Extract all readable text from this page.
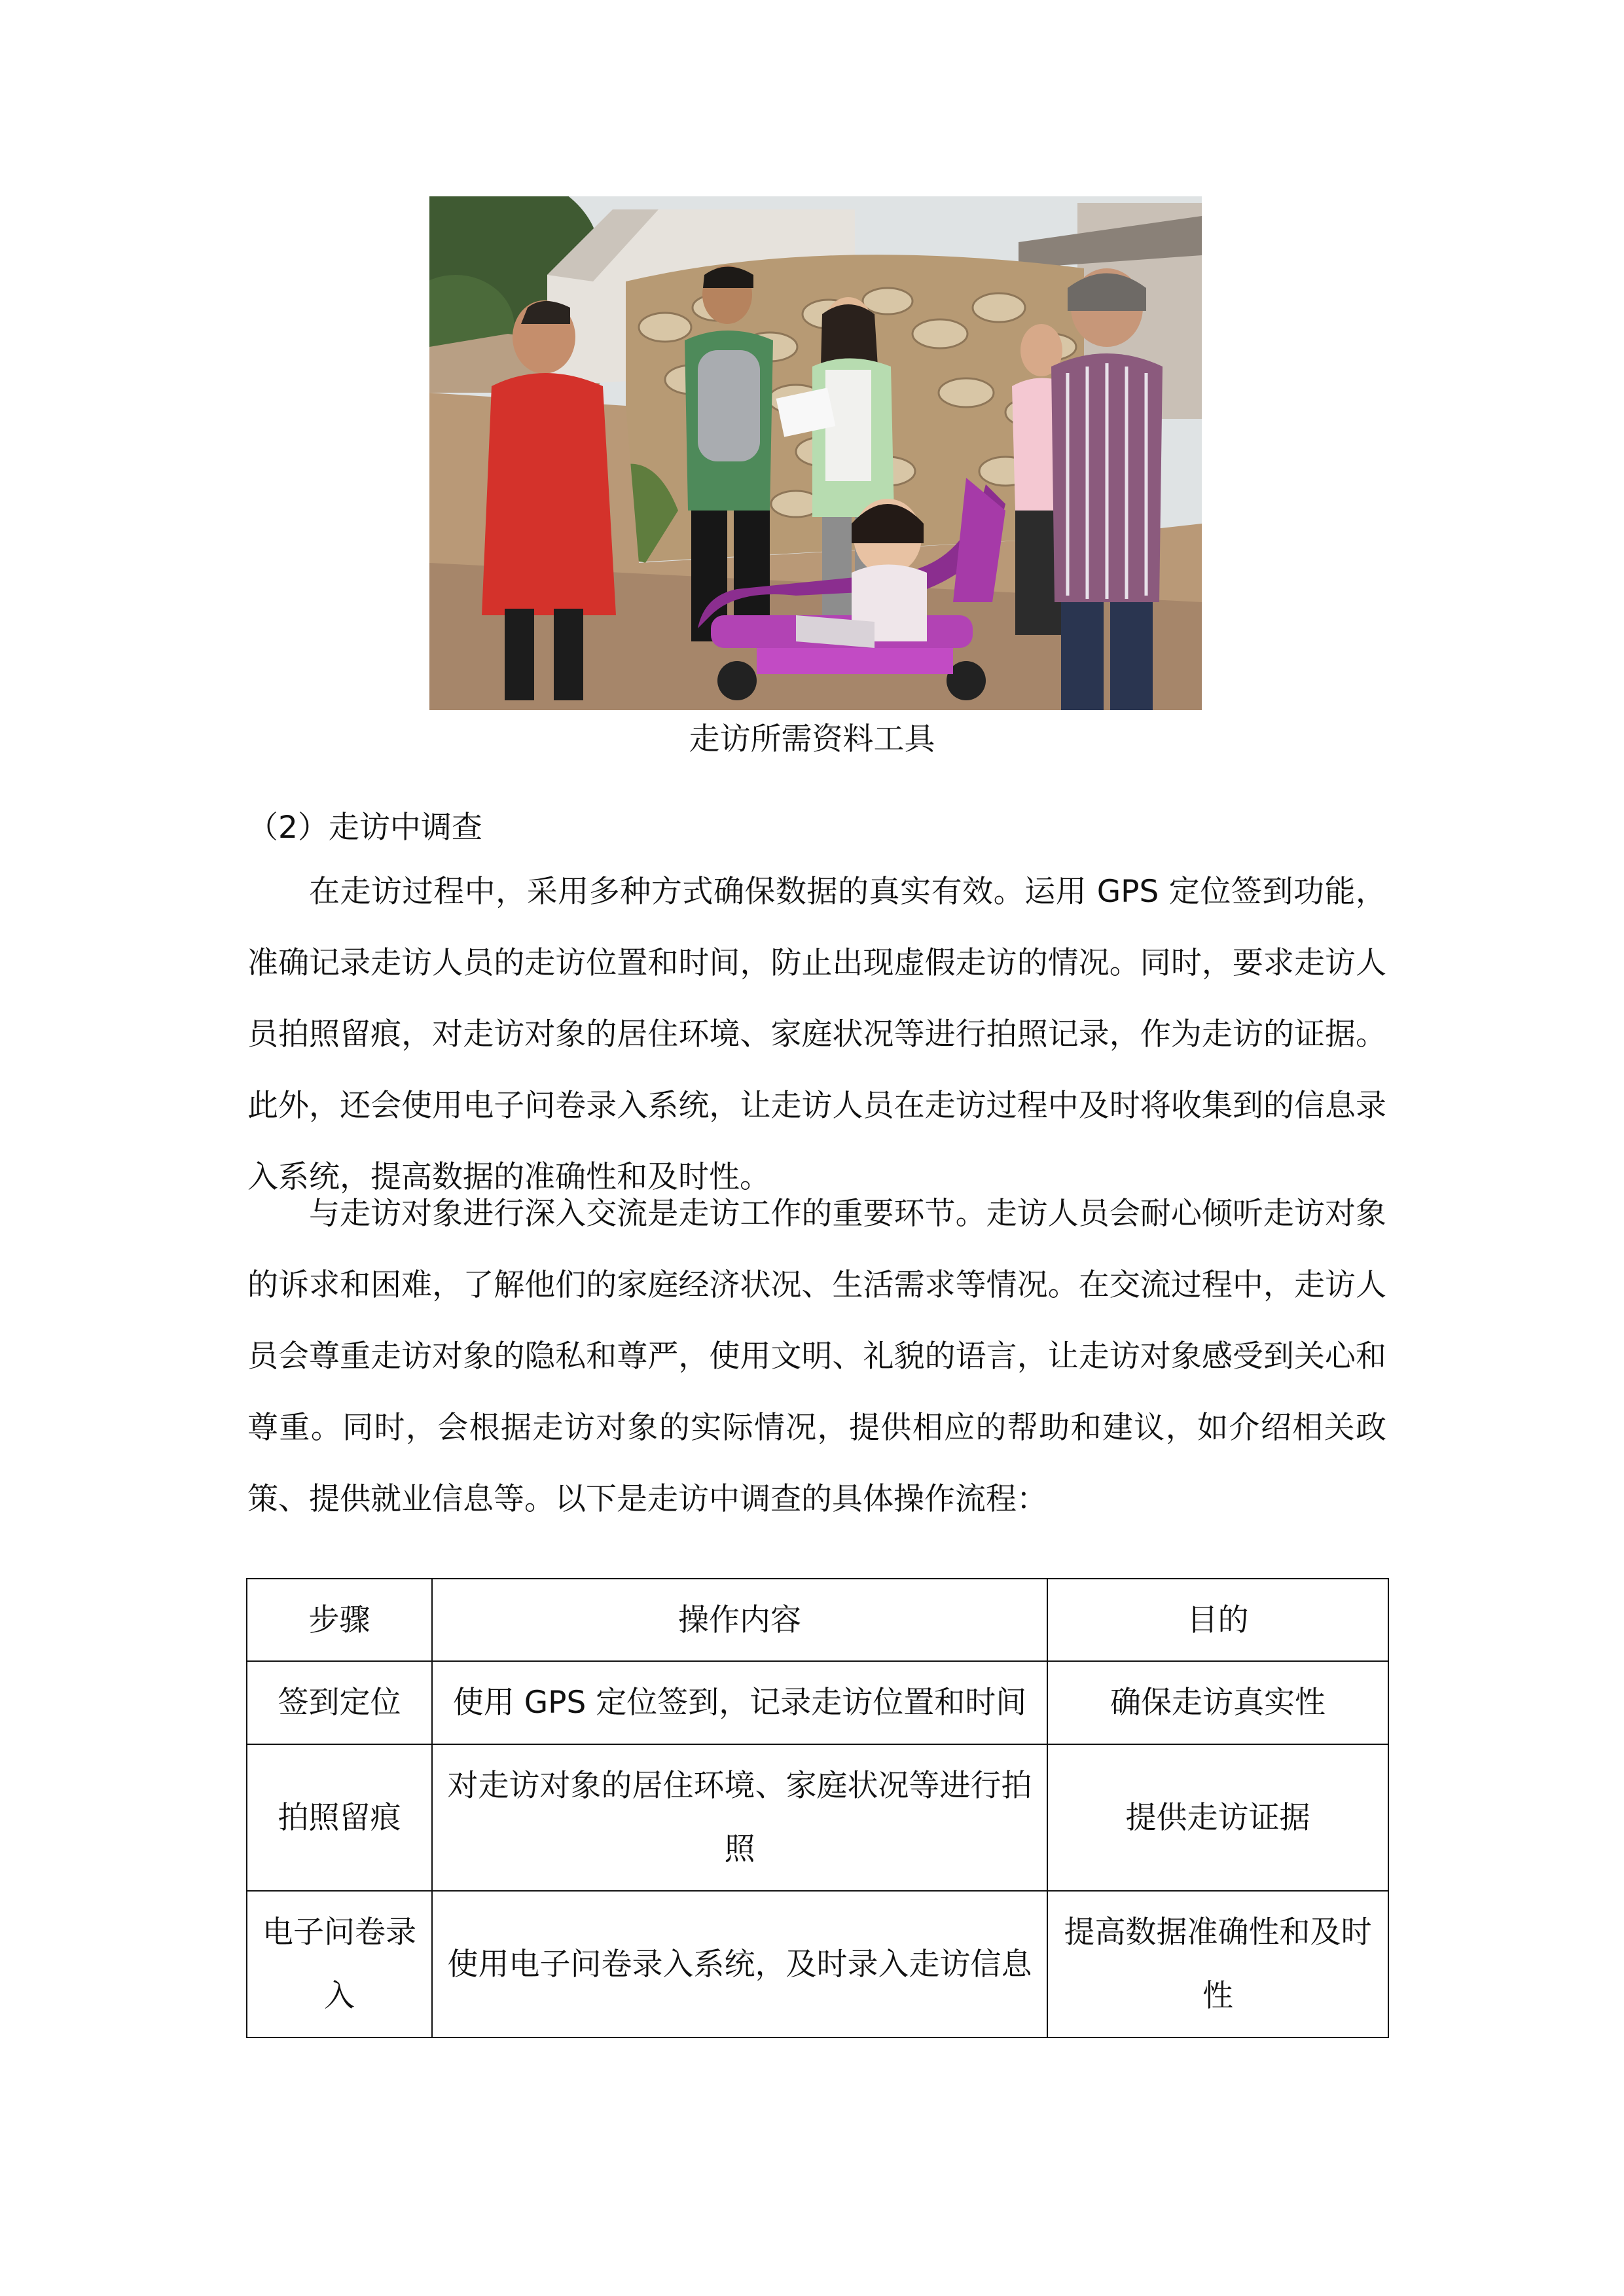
走访所需资料工具
（2）走访中调查

在走访过程中，采用多种方式确保数据的真实有效。运用 GPS 定位签到功能，准确记录走访人员的走访位置和时间，防止出现虚假走访的情况。同时，要求走访人员拍照留痕，对走访对象的居住环境、家庭状况等进行拍照记录，作为走访的证据。此外，还会使用电子问卷录入系统，让走访人员在走访过程中及时将收集到的信息录入系统，提高数据的准确性和及时性。

与走访对象进行深入交流是走访工作的重要环节。走访人员会耐心倾听走访对象的诉求和困难，了解他们的家庭经济状况、生活需求等情况。在交流过程中，走访人员会尊重走访对象的隐私和尊严，使用文明、礼貌的语言，让走访对象感受到关心和尊重。同时，会根据走访对象的实际情况，提供相应的帮助和建议，如介绍相关政策、提供就业信息等。以下是走访中调查的具体操作流程：

步骤	操作内容	目的
签到定位	使用 GPS 定位签到，记录走访位置和时间	确保走访真实性
拍照留痕	对走访对象的居住环境、家庭状况等进行拍照	提供走访证据
电子问卷录入	使用电子问卷录入系统，及时录入走访信息	提高数据准确性和及时性
